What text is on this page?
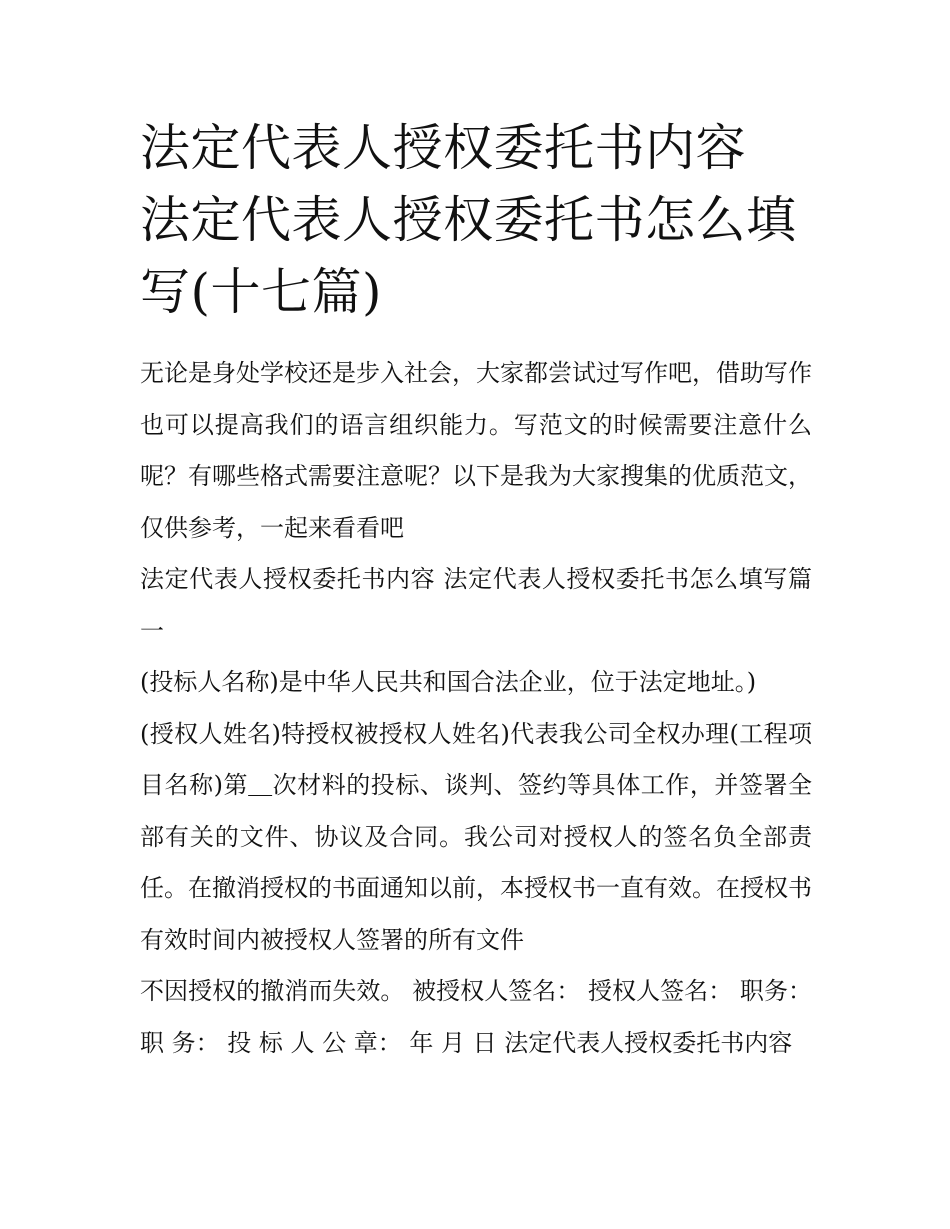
法定代表人授权委托书内容 法定代表人授权委托书怎么填写(十七篇)

无论是身处学校还是步入社会，大家都尝试过写作吧，借助写作也可以提高我们的语言组织能力。写范文的时候需要注意什么呢？有哪些格式需要注意呢？以下是我为大家搜集的优质范文，仅供参考，一起来看看吧

法定代表人授权委托书内容 法定代表人授权委托书怎么填写篇一

(投标人名称)是中华人民共和国合法企业，位于法定地址。)

(授权人姓名)特授权被授权人姓名)代表我公司全权办理(工程项目名称)第＿次材料的投标、谈判、签约等具体工作，并签署全部有关的文件、协议及合同。我公司对授权人的签名负全部责任。在撤消授权的书面通知以前，本授权书一直有效。在授权书有效时间内被授权人签署的所有文件

不因授权的撤消而失效。 被授权人签名： 授权人签名： 职务： 职 务： 投 标 人 公 章： 年 月 日 法定代表人授权委托书内容
